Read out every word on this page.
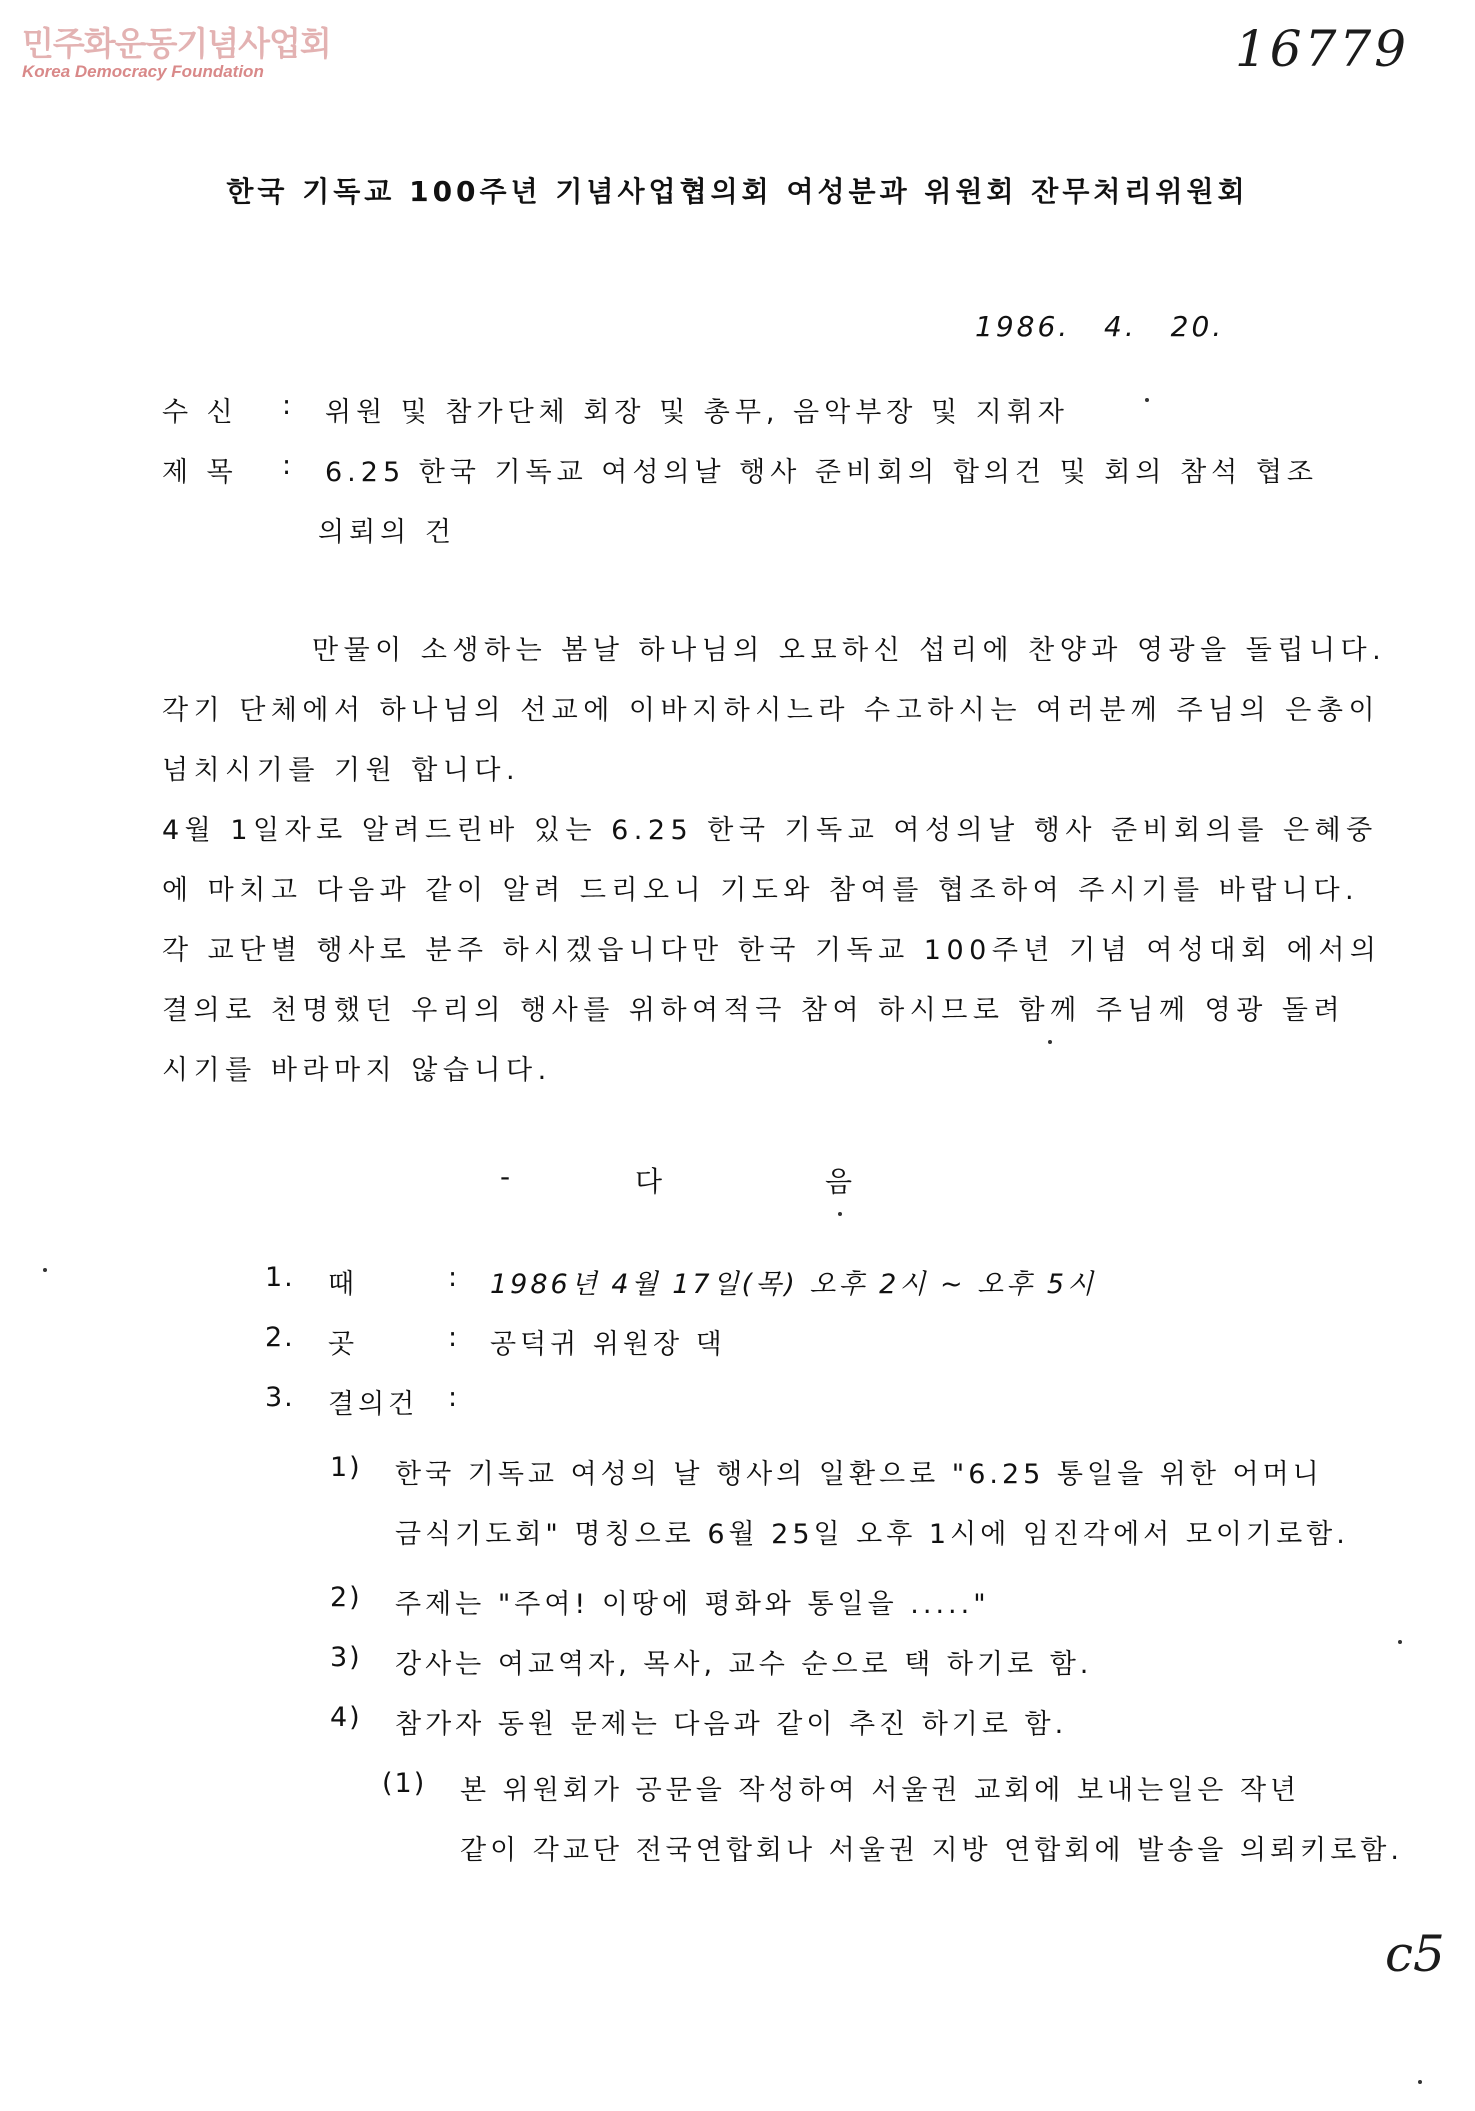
민주화운동기념사업회
Korea Democracy Foundation	16779
c5
한국 기독교 100주년 기념사업협의회 여성분과 위원회 잔무처리위원회
1986. 4. 20.
수 신 : 위원 및 참가단체 회장 및 총무, 음악부장 및 지휘자
제 목 : 6.25 한국 기독교 여성의날 행사 준비회의 합의건 및 회의 참석 협조
의뢰의 건
만물이 소생하는 봄날 하나님의 오묘하신 섭리에 찬양과 영광을 돌립니다.
각기 단체에서 하나님의 선교에 이바지하시느라 수고하시는 여러분께 주님의 은총이
넘치시기를 기원 합니다.
4월 1일자로 알려드린바 있는 6.25 한국 기독교 여성의날 행사 준비회의를 은혜중
에 마치고 다음과 같이 알려 드리오니 기도와 참여를 협조하여 주시기를 바랍니다.
각 교단별 행사로 분주 하시겠읍니다만 한국 기독교 100주년 기념 여성대회 에서의
결의로 천명했던 우리의 행사를 위하여적극 참여 하시므로 함께 주님께 영광 돌려
시기를 바라마지 않습니다.
-	다	음
1. 때	: 1986년 4월 17일(목) 오후 2시 ~ 오후 5시
2. 곳	: 공덕귀 위원장 댁
3. 결의건 :
1) 한국 기독교 여성의 날 행사의 일환으로 "6.25 통일을 위한 어머니
금식기도회" 명칭으로 6월 25일 오후 1시에 임진각에서 모이기로함.
2) 주제는 "주여! 이땅에 평화와 통일을 ....."
3) 강사는 여교역자, 목사, 교수 순으로 택 하기로 함.
4) 참가자 동원 문제는 다음과 같이 추진 하기로 함.
(1) 본 위원회가 공문을 작성하여 서울권 교회에 보내는일은 작년
같이 각교단 전국연합회나 서울권 지방 연합회에 발송을 의뢰키로함.
